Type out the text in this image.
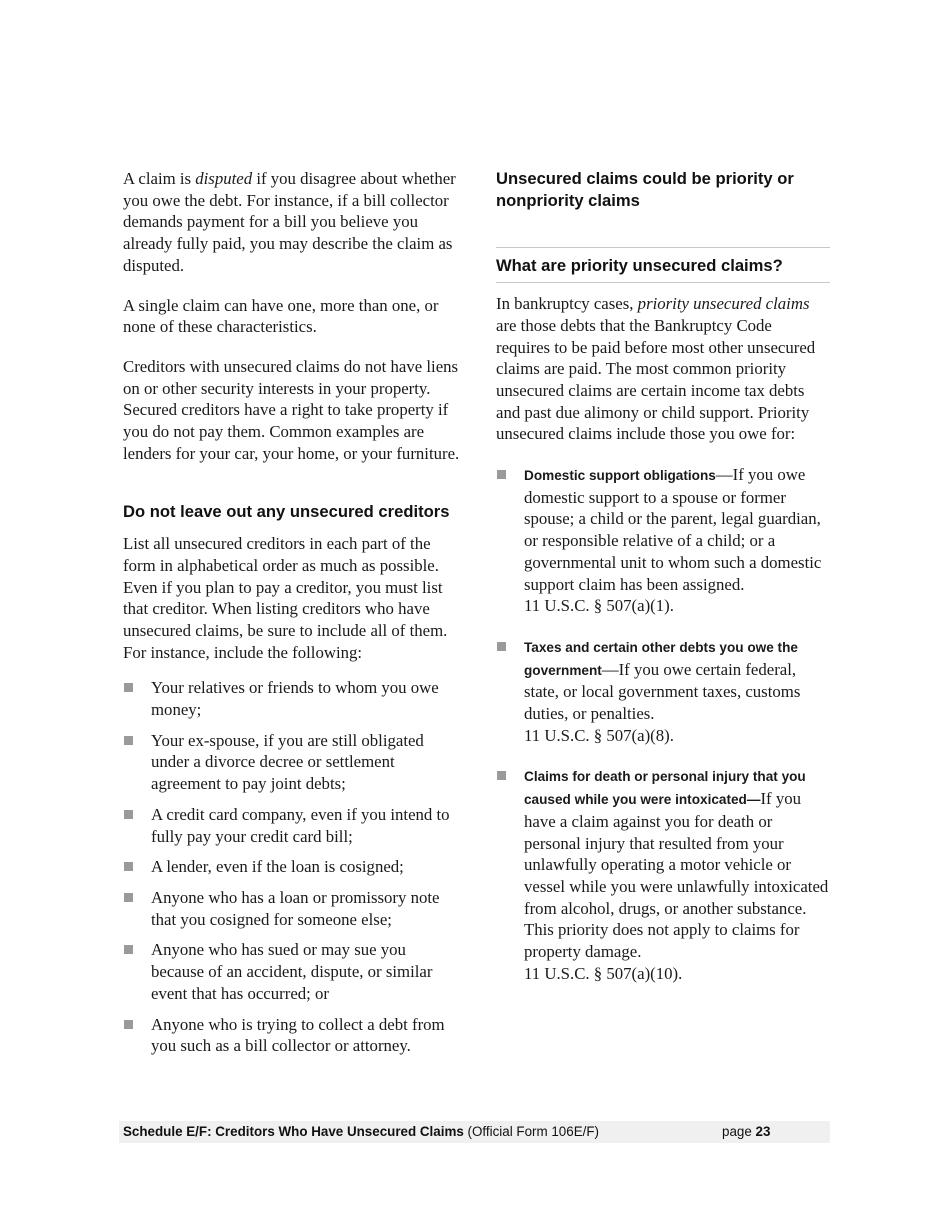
A claim is disputed if you disagree about whether you owe the debt. For instance, if a bill collector demands payment for a bill you believe you already fully paid, you may describe the claim as disputed.

A single claim can have one, more than one, or none of these characteristics.

Creditors with unsecured claims do not have liens on or other security interests in your property. Secured creditors have a right to take property if you do not pay them. Common examples are lenders for your car, your home, or your furniture.

Do not leave out any unsecured creditors

List all unsecured creditors in each part of the form in alphabetical order as much as possible. Even if you plan to pay a creditor, you must list that creditor. When listing creditors who have unsecured claims, be sure to include all of them. For instance, include the following:

Your relatives or friends to whom you owe money;
Your ex-spouse, if you are still obligated under a divorce decree or settlement agreement to pay joint debts;
A credit card company, even if you intend to fully pay your credit card bill;
A lender, even if the loan is cosigned;
Anyone who has a loan or promissory note that you cosigned for someone else;
Anyone who has sued or may sue you because of an accident, dispute, or similar event that has occurred; or
Anyone who is trying to collect a debt from you such as a bill collector or attorney.
Unsecured claims could be priority or nonpriority claims
What are priority unsecured claims?

In bankruptcy cases, priority unsecured claims are those debts that the Bankruptcy Code requires to be paid before most other unsecured claims are paid. The most common priority unsecured claims are certain income tax debts and past due alimony or child support. Priority unsecured claims include those you owe for:

Domestic support obligations—If you owe domestic support to a spouse or former spouse; a child or the parent, legal guardian, or responsible relative of a child; or a governmental unit to whom such a domestic support claim has been assigned.
11 U.S.C. § 507(a)(1).
Taxes and certain other debts you owe the government—If you owe certain federal, state, or local government taxes, customs duties, or penalties.
11 U.S.C. § 507(a)(8).
Claims for death or personal injury that you caused while you were intoxicated—If you have a claim against you for death or personal injury that resulted from your unlawfully operating a motor vehicle or vessel while you were unlawfully intoxicated from alcohol, drugs, or another substance. This priority does not apply to claims for property damage.
11 U.S.C. § 507(a)(10).
Schedule E/F: Creditors Who Have Unsecured Claims (Official Form 106E/F)	page 23
